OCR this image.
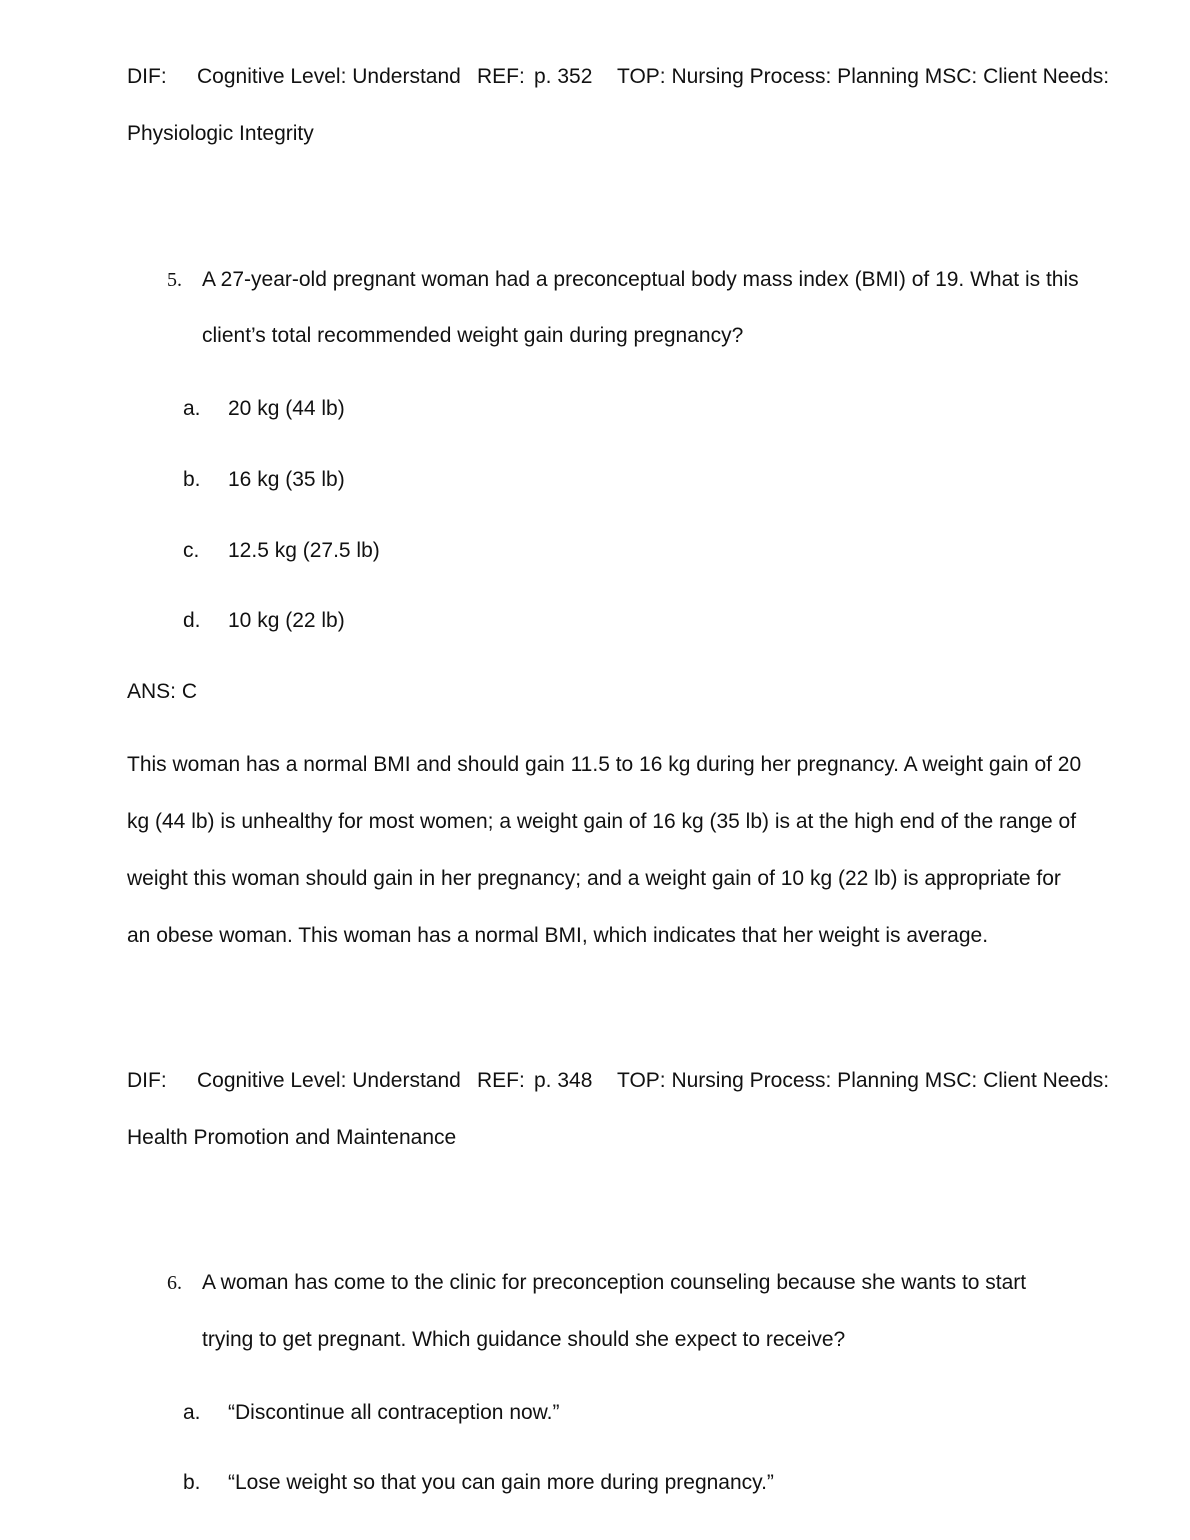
DIF: Cognitive Level: Understand REF: p. 352 TOP: Nursing Process: Planning MSC: Client Needs:
Physiologic Integrity
5. A 27-year-old pregnant woman had a preconceptual body mass index (BMI) of 19. What is this
client’s total recommended weight gain during pregnancy?
a. 20 kg (44 lb)
b. 16 kg (35 lb)
c. 12.5 kg (27.5 lb)
d. 10 kg (22 lb)
ANS: C
This woman has a normal BMI and should gain 11.5 to 16 kg during her pregnancy. A weight gain of 20
kg (44 lb) is unhealthy for most women; a weight gain of 16 kg (35 lb) is at the high end of the range of
weight this woman should gain in her pregnancy; and a weight gain of 10 kg (22 lb) is appropriate for
an obese woman. This woman has a normal BMI, which indicates that her weight is average.
DIF: Cognitive Level: Understand REF: p. 348 TOP: Nursing Process: Planning MSC: Client Needs:
Health Promotion and Maintenance
6. A woman has come to the clinic for preconception counseling because she wants to start
trying to get pregnant. Which guidance should she expect to receive?
a. “Discontinue all contraception now.”
b. “Lose weight so that you can gain more during pregnancy.”
